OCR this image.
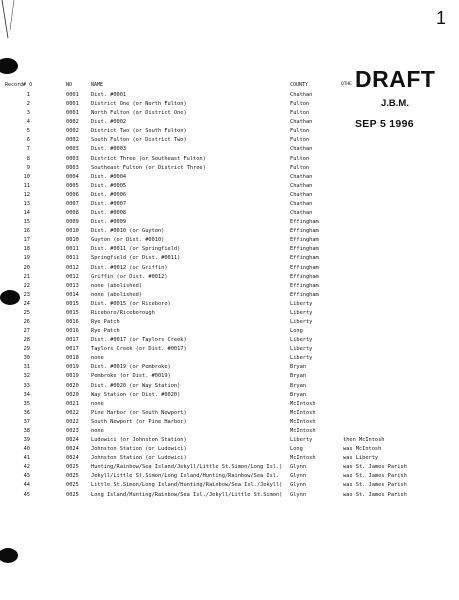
1
OTHE DRAFT
J.B.M.
SEP 5 1996
Record# O	NO	NAME	COUNTY
1	0001 Dist. #0001	Chathan
2	0001 District One (or North Fulton)	Fulton
3	0001 North Fulton (or District One)	Fulton
4	0002 Dist. #0002	Chathan
5	0002 District Two (or South Fulton)	Fulton
6	0002 South Fulton (or District Two)	Fulton
7	0003 Dist. #0003	Chathan
8	0003 District Three (or Southeast Fulton)	Fulton
9	0003 Southeast Fulton (or District Three)	Fulton
10	0004 Dist. #0004	Chathan
11	0005 Dist. #0005	Chathan
12	0006 Dist. #0006	Chathan
13	0007 Dist. #0007	Chathan
14	0008 Dist. #0008	Chathan
15	0009 Dist. #0009	Effingham
16	0010 Dist. #0010 (or Guyton)	Effingham
17	0010 Guyton (or Dist. #0010)	Effingham
18	0011 Dist. #0011 (or Springfield)	Effingham
19	0011 Springfield (or Dist. #0011)	Effingham
20	0012 Dist. #0012 (or Griffin)	Effingham
21	0012 Griffin (or Dist. #0012)	Effingham
22	0013 none (abolished)	Effingham
23	0014 none (abolished)	Effingham
24	0015 Dist. #0015 (or Riceboro)	Liberty
25	0015 Riceboro/Riceborough	Liberty
26	0016 Rye Patch	Liberty
27	0016 Rye Patch	Long
28	0017 Dist. #0017 (or Taylors Creek)	Liberty
29	0017 Taylors Creek (or Dist. #0017)	Liberty
30	0018 none	Liberty
31	0019 Dist. #0019 (or Pembroke)	Bryan
32	0019 Pembroke (or Dist. #0019)	Bryan
33	0020 Dist. #0020 (or Way Station)	Bryan
34	0020 Way Station (or Dist. #0020)	Bryan
35	0021 none	McIntosh
36	0022 Pine Harbor (or South Newport)	McIntosh
37	0022 South Newport (or Pine Harbor)	McIntosh
38	0023 none	McIntosh
39	0024 Ludowici (or Johnston Station)	Liberty	then McIntosh
40	0024 Johnston Station (or Ludowici)	Long	was McIntosh
41	0024 Johnston Station (or Ludowici)	McIntosh	was Liberty
42	0025 Hunting/Rainbow/Sea Island/Jekyll/Little St.Simon/Long Isl.) Glynn	was St. James Parish
43	0025 Jekyll/Little St.Simon/Long Island/Hunting/Rainbow/Sea Isl. Glynn	was St. James Parish
44	0025 Little St.Simon/Long Island/Hunting/Rainbow/Sea Isl./Jekyll) Glynn	was St. James Parish
45	0025 Long Island/Hunting/Rainbow/Sea Isl./Jekyll/Little St.Simon) Glynn	was St. James Parish
